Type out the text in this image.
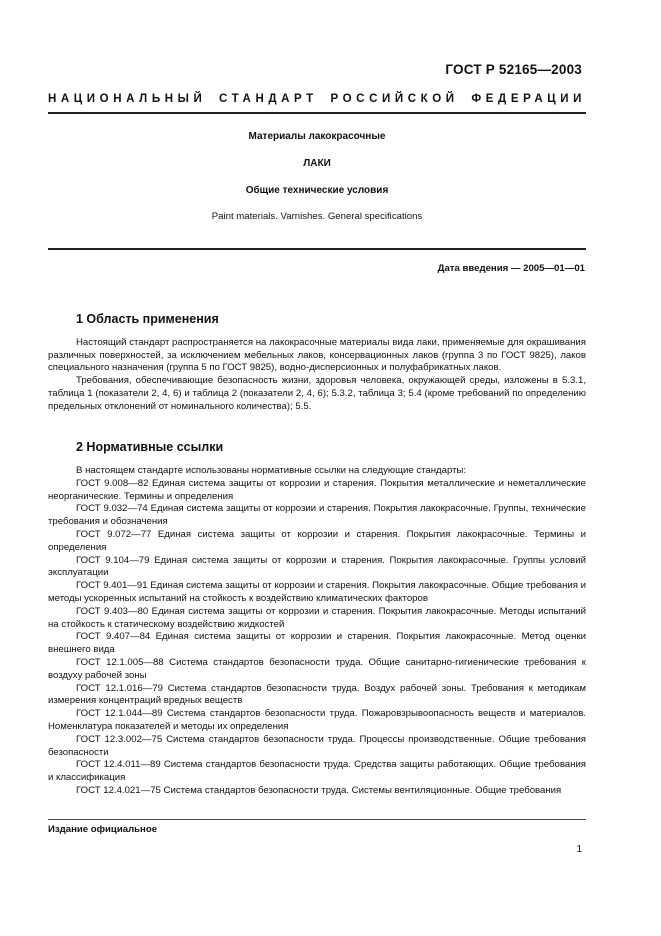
ГОСТ Р 52165—2003
НАЦИОНАЛЬНЫЙ СТАНДАРТ РОССИЙСКОЙ ФЕДЕРАЦИИ
Материалы лакокрасочные
ЛАКИ
Общие технические условия
Paint materials. Varnishes. General specifications
Дата введения — 2005—01—01
1 Область применения

Настоящий стандарт распространяется на лакокрасочные материалы вида лаки, применяемые для окрашивания различных поверхностей, за исключением мебельных лаков, консервационных лаков (группа 3 по ГОСТ 9825), лаков специального назначения (группа 5 по ГОСТ 9825), водно-дисперсионных и полуфабрикатных лаков.

Требования, обеспечивающие безопасность жизни, здоровья человека, окружающей среды, изложены в 5.3.1, таблица 1 (показатели 2, 4, 6) и таблица 2 (показатели 2, 4, 6); 5.3.2, таблица 3; 5.4 (кроме требований по определению предельных отклонений от номинального количества); 5.5.

2 Нормативные ссылки

В настоящем стандарте использованы нормативные ссылки на следующие стандарты:

ГОСТ 9.008—82 Единая система защиты от коррозии и старения. Покрытия металлические и неметаллические неорганические. Термины и определения

ГОСТ 9.032—74 Единая система защиты от коррозии и старения. Покрытия лакокрасочные. Группы, технические требования и обозначения

ГОСТ 9.072—77 Единая система защиты от коррозии и старения. Покрытия лакокрасочные. Термины и определения

ГОСТ 9.104—79 Единая система защиты от коррозии и старения. Покрытия лакокрасочные. Группы условий эксплуатации

ГОСТ 9.401—91 Единая система защиты от коррозии и старения. Покрытия лакокрасочные. Общие требования и методы ускоренных испытаний на стойкость к воздействию климатических факторов

ГОСТ 9.403—80 Единая система защиты от коррозии и старения. Покрытия лакокрасочные. Методы испытаний на стойкость к статическому воздействию жидкостей

ГОСТ 9.407—84 Единая система защиты от коррозии и старения. Покрытия лакокрасочные. Метод оценки внешнего вида

ГОСТ 12.1.005—88 Система стандартов безопасности труда. Общие санитарно-гигиенические требования к воздуху рабочей зоны

ГОСТ 12.1.016—79 Система стандартов безопасности труда. Воздух рабочей зоны. Требования к методикам измерения концентраций вредных веществ

ГОСТ 12.1.044—89 Система стандартов безопасности труда. Пожаровзрывоопасность веществ и материалов. Номенклатура показателей и методы их определения

ГОСТ 12.3.002—75 Система стандартов безопасности труда. Процессы производственные. Общие требования безопасности

ГОСТ 12.4.011—89 Система стандартов безопасности труда. Средства защиты работающих. Общие требования и классификация

ГОСТ 12.4.021—75 Система стандартов безопасности труда. Системы вентиляционные. Общие требования

Издание официальное
1
